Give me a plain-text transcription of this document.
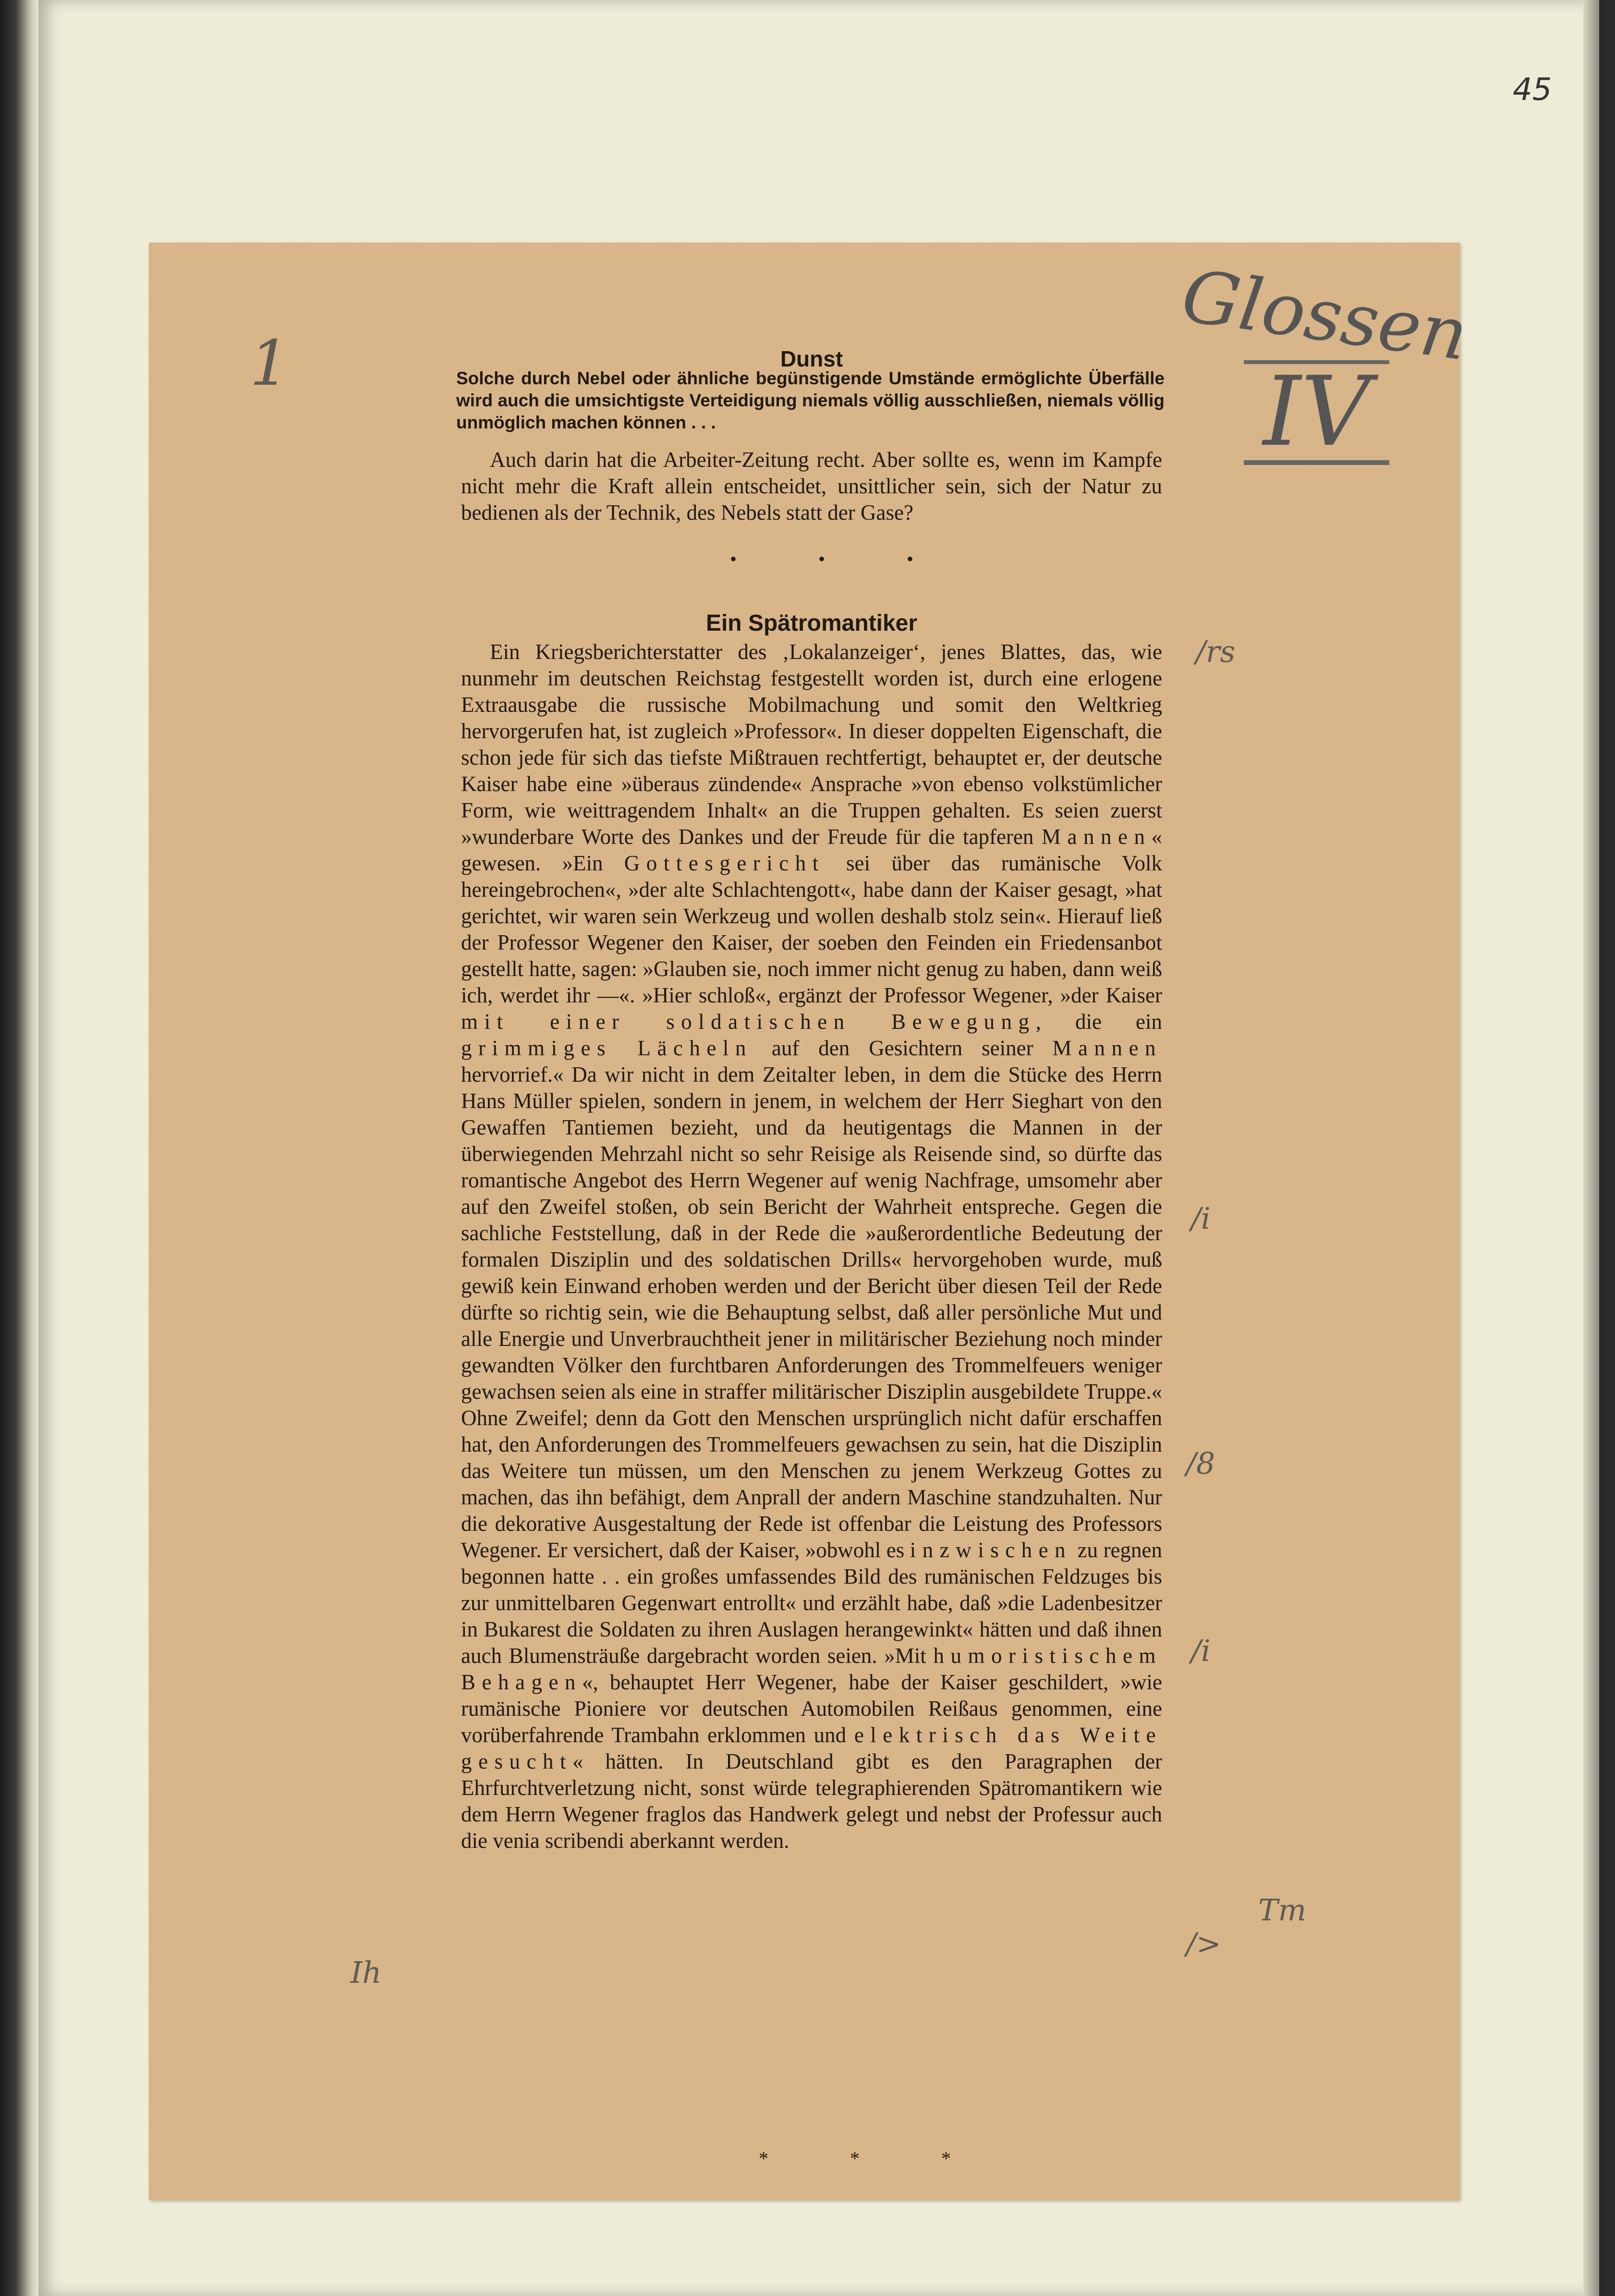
45
Glossen
IV
1
/rs
/i
/8
/i
Tm
/>
Ih
Dunst
Solche durch Nebel oder ähnliche begünstigende Umstände ermöglichte Überfälle wird auch die umsichtigste Verteidigung niemals völlig ausschließen, niemals völlig unmöglich machen können . . .

Auch darin hat die Arbeiter-Zeitung recht. Aber sollte es, wenn im Kampfe nicht mehr die Kraft allein entscheidet, unsittlicher sein, sich der Natur zu bedienen als der Technik, des Nebels statt der Gase?

• • •
Ein Spätromantiker

Ein Kriegsberichterstatter des ‚Lokalanzeiger‘, jenes Blattes, das, wie nunmehr im deutschen Reichstag festgestellt worden ist, durch eine erlogene Extraausgabe die russische Mobilmachung und somit den Weltkrieg hervorgerufen hat, ist zugleich »Professor«. In dieser doppelten Eigenschaft, die schon jede für sich das tiefste Mißtrauen rechtfertigt, behauptet er, der deutsche Kaiser habe eine »überaus zündende« Ansprache »von ebenso volkstümlicher Form, wie weittragendem Inhalt« an die Truppen gehalten. Es seien zuerst »wunderbare Worte des Dankes und der Freude für die tapferen Mannen« gewesen. »Ein Gottesgericht sei über das rumänische Volk hereingebrochen«, »der alte Schlachtengott«, habe dann der Kaiser gesagt, »hat gerichtet, wir waren sein Werkzeug und wollen deshalb stolz sein«. Hierauf ließ der Professor Wegener den Kaiser, der soeben den Feinden ein Friedensanbot gestellt hatte, sagen: »Glauben sie, noch immer nicht genug zu haben, dann weiß ich, werdet ihr —«. »Hier schloß«, ergänzt der Professor Wegener, »der Kaiser mit einer soldatischen Bewegung, die ein grimmiges Lächeln auf den Gesichtern seiner Mannen hervorrief.« Da wir nicht in dem Zeitalter leben, in dem die Stücke des Herrn Hans Müller spielen, sondern in jenem, in welchem der Herr Sieghart von den Gewaffen Tantiemen bezieht, und da heutigentags die Mannen in der überwiegenden Mehrzahl nicht so sehr Reisige als Reisende sind, so dürfte das romantische Angebot des Herrn Wegener auf wenig Nachfrage, umsomehr aber auf den Zweifel stoßen, ob sein Bericht der Wahrheit entspreche. Gegen die sachliche Feststellung, daß in der Rede die »außerordentliche Bedeutung der formalen Disziplin und des soldatischen Drills« hervorgehoben wurde, muß gewiß kein Einwand erhoben werden und der Bericht über diesen Teil der Rede dürfte so richtig sein, wie die Behauptung selbst, daß aller persönliche Mut und alle Energie und Unverbrauchtheit jener in militärischer Beziehung noch minder gewandten Völker den furchtbaren Anforderungen des Trommelfeuers weniger gewachsen seien als eine in straffer militärischer Disziplin ausgebildete Truppe.« Ohne Zweifel; denn da Gott den Menschen ursprünglich nicht dafür erschaffen hat, den Anforderungen des Trommelfeuers gewachsen zu sein, hat die Disziplin das Weitere tun müssen, um den Menschen zu jenem Werkzeug Gottes zu machen, das ihn befähigt, dem Anprall der andern Maschine standzuhalten. Nur die dekorative Ausgestaltung der Rede ist offenbar die Leistung des Professors Wegener. Er versichert, daß der Kaiser, »obwohl es inzwischen zu regnen begonnen hatte . . ein großes umfassendes Bild des rumänischen Feldzuges bis zur unmittelbaren Gegenwart entrollt« und erzählt habe, daß »die Ladenbesitzer in Bukarest die Soldaten zu ihren Auslagen herangewinkt« hätten und daß ihnen auch Blumensträuße dargebracht worden seien. »Mit humoristischem Behagen«, behauptet Herr Wegener, habe der Kaiser geschildert, »wie rumänische Pioniere vor deutschen Automobilen Reißaus genommen, eine vorüberfahrende Trambahn erklommen und elektrisch das Weite gesucht« hätten. In Deutschland gibt es den Paragraphen der Ehrfurchtverletzung nicht, sonst würde telegraphierenden Spätromantikern wie dem Herrn Wegener fraglos das Handwerk gelegt und nebst der Professur auch die venia scribendi aberkannt werden.

* * *
